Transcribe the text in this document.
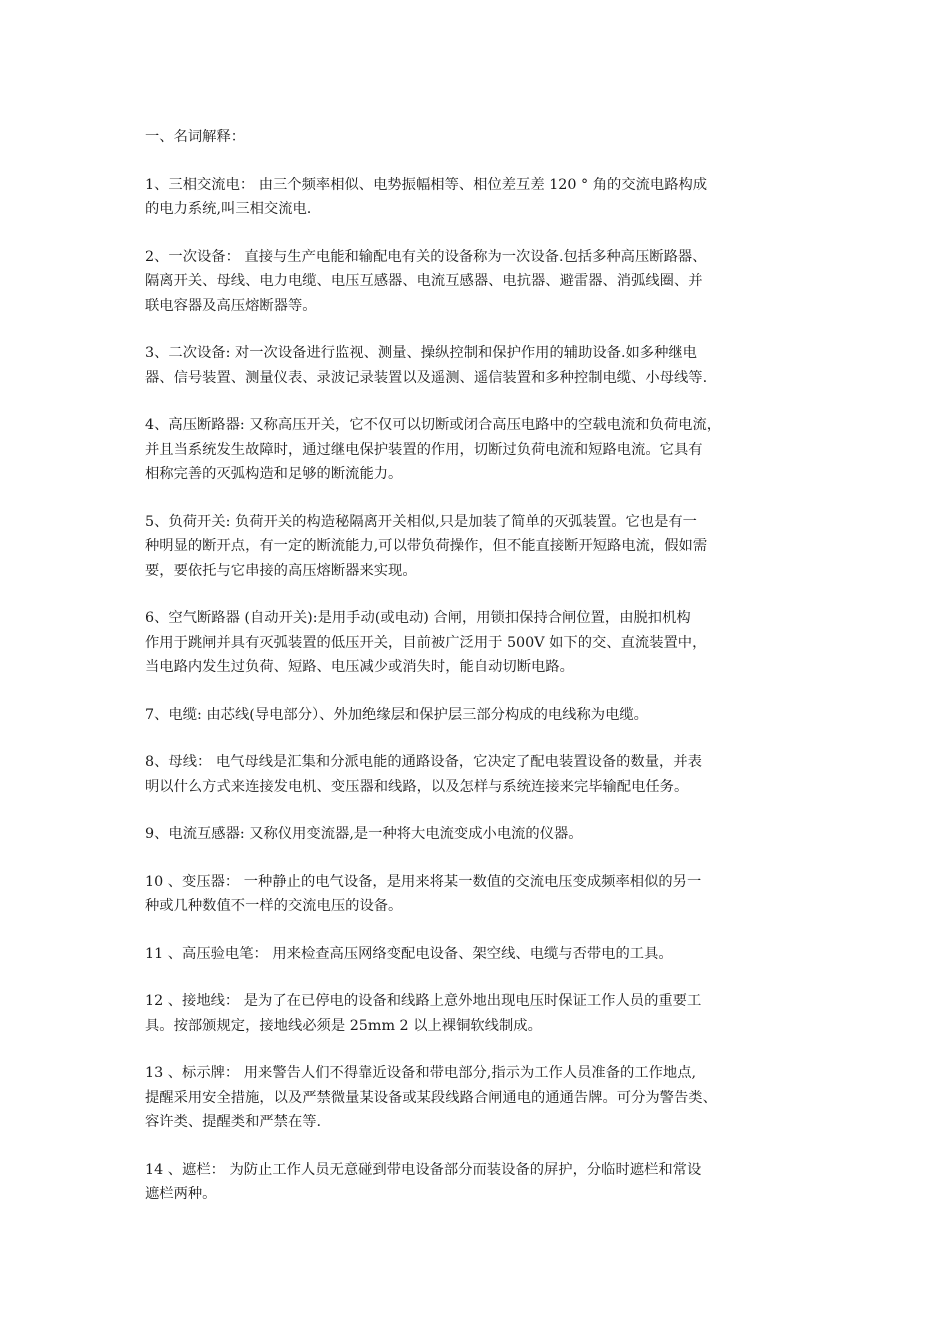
一、名词解释：
1、三相交流电： 由三个频率相似、电势振幅相等、相位差互差 120 ° 角的交流电路构成
的电力系统,叫三相交流电.
2、一次设备： 直接与生产电能和输配电有关的设备称为一次设备.包括多种高压断路器、
隔离开关、母线、电力电缆、电压互感器、电流互感器、电抗器、避雷器、消弧线圈、并
联电容器及高压熔断器等。
3、二次设备: 对一次设备进行监视、测量、操纵控制和保护作用的辅助设备.如多种继电
器、信号装置、测量仪表、录波记录装置以及遥测、遥信装置和多种控制电缆、小母线等.
4、高压断路器: 又称高压开关，它不仅可以切断或闭合高压电路中的空载电流和负荷电流，
并且当系统发生故障时，通过继电保护装置的作用，切断过负荷电流和短路电流。它具有
相称完善的灭弧构造和足够的断流能力。
5、负荷开关: 负荷开关的构造秘隔离开关相似,只是加装了简单的灭弧装置。它也是有一
种明显的断开点，有一定的断流能力,可以带负荷操作，但不能直接断开短路电流，假如需
要，要依托与它串接的高压熔断器来实现。
6、空气断路器 (自动开关):是用手动(或电动) 合闸，用锁扣保持合闸位置，由脱扣机构
作用于跳闸并具有灭弧装置的低压开关，目前被广泛用于 500V 如下的交、直流装置中，
当电路内发生过负荷、短路、电压减少或消失时，能自动切断电路。
7、电缆: 由芯线(导电部分）、外加绝缘层和保护层三部分构成的电线称为电缆。
8、母线： 电气母线是汇集和分派电能的通路设备，它决定了配电装置设备的数量，并表
明以什么方式来连接发电机、变压器和线路，以及怎样与系统连接来完毕输配电任务。
9、电流互感器: 又称仪用变流器,是一种将大电流变成小电流的仪器。
10 、变压器： 一种静止的电气设备，是用来将某一数值的交流电压变成频率相似的另一
种或几种数值不一样的交流电压的设备。
11 、高压验电笔： 用来检查高压网络变配电设备、架空线、电缆与否带电的工具。
12 、接地线： 是为了在已停电的设备和线路上意外地出现电压时保证工作人员的重要工
具。按部颁规定，接地线必须是 25mm 2 以上裸铜软线制成。
13 、标示牌： 用来警告人们不得靠近设备和带电部分,指示为工作人员准备的工作地点,
提醒采用安全措施，以及严禁微量某设备或某段线路合闸通电的通通告牌。可分为警告类、
容许类、提醒类和严禁在等.
14 、遮栏： 为防止工作人员无意碰到带电设备部分而装设备的屏护，分临时遮栏和常设
遮栏两种。
